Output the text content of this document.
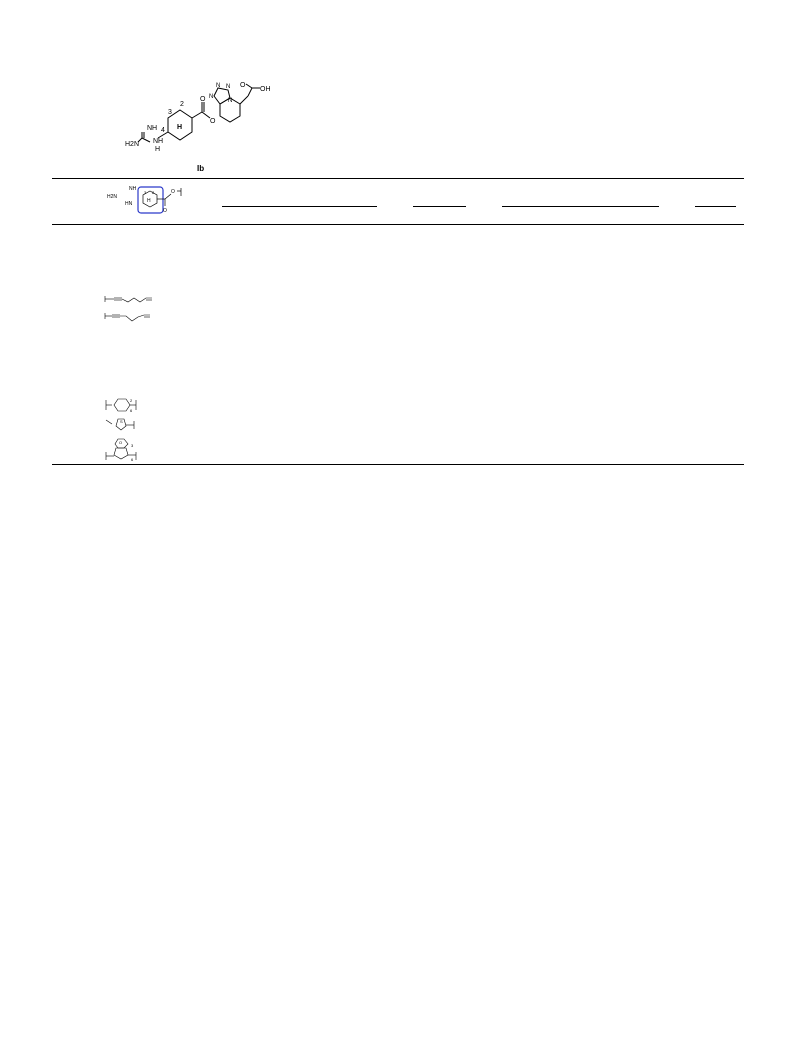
OH
O
O
O
N N
N
N
H
2
3
4
NH
H2N NH
H
Ib
NH
H2N
HN	H
3 2	O
O
2
6
S
O
3
6
